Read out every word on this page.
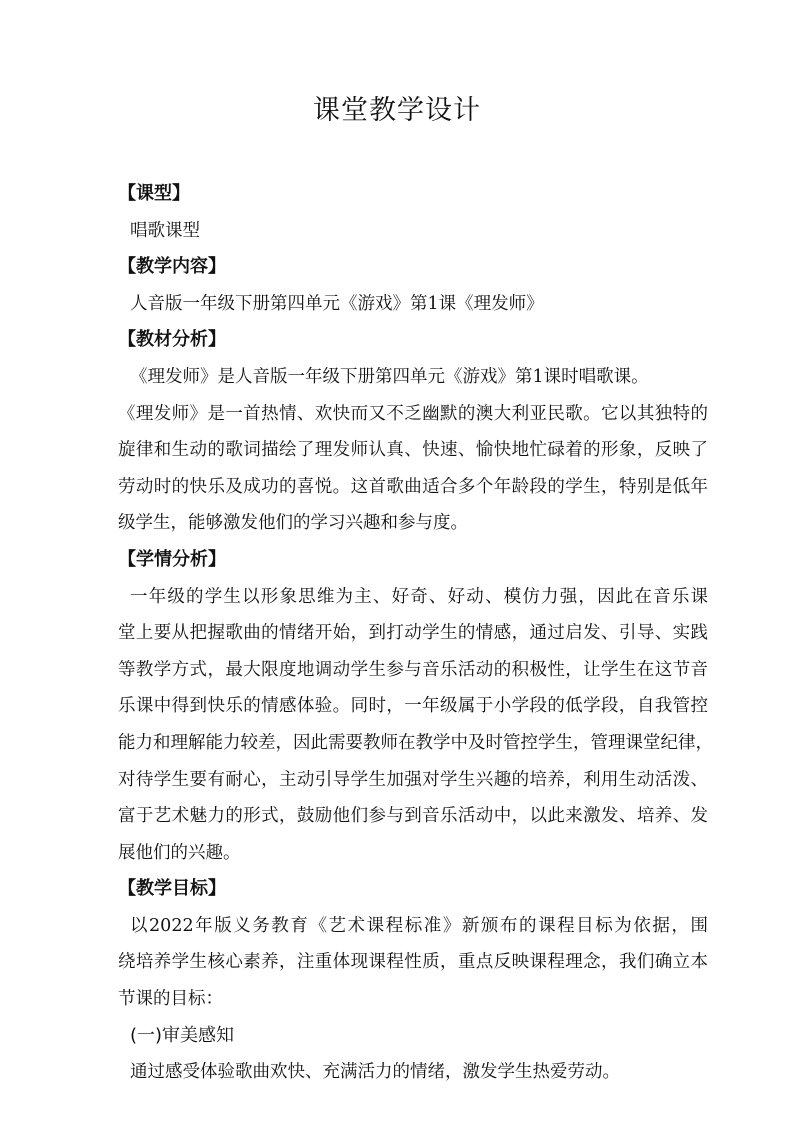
课堂教学设计
【课型】
唱歌课型
【教学内容】
人音版一年级下册第四单元《游戏》第1课《理发师》
【教材分析】
《理发师》是人音版一年级下册第四单元《游戏》第1课时唱歌课。
《理发师》是一首热情、欢快而又不乏幽默的澳大利亚民歌。它以其独特的
旋律和生动的歌词描绘了理发师认真、快速、愉快地忙碌着的形象，反映了
劳动时的快乐及成功的喜悦。这首歌曲适合多个年龄段的学生，特别是低年
级学生，能够激发他们的学习兴趣和参与度。
【学情分析】
一年级的学生以形象思维为主、好奇、好动、模仿力强，因此在音乐课
堂上要从把握歌曲的情绪开始，到打动学生的情感，通过启发、引导、实践
等教学方式，最大限度地调动学生参与音乐活动的积极性，让学生在这节音
乐课中得到快乐的情感体验。同时，一年级属于小学段的低学段，自我管控
能力和理解能力较差，因此需要教师在教学中及时管控学生，管理课堂纪律，
对待学生要有耐心，主动引导学生加强对学生兴趣的培养，利用生动活泼、
富于艺术魅力的形式，鼓励他们参与到音乐活动中，以此来激发、培养、发
展他们的兴趣。
【教学目标】
以2022年版义务教育《艺术课程标准》新颁布的课程目标为依据，围
绕培养学生核心素养，注重体现课程性质，重点反映课程理念，我们确立本
节课的目标：
(一)审美感知
通过感受体验歌曲欢快、充满活力的情绪，激发学生热爱劳动。
